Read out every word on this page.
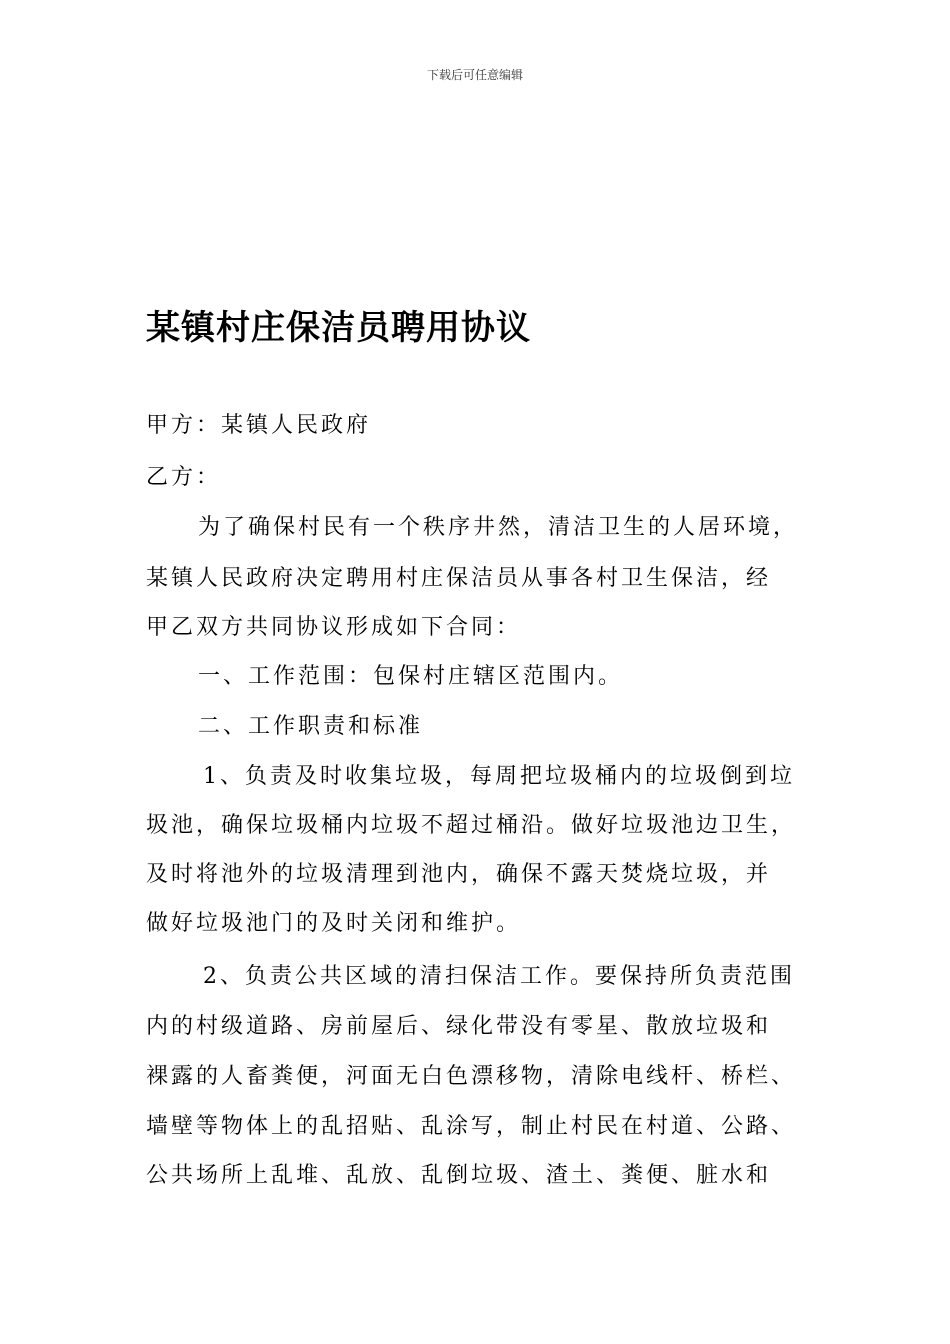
下载后可任意编辑
某镇村庄保洁员聘用协议
甲方：某镇人民政府
乙方：
为了确保村民有一个秩序井然，清洁卫生的人居环境，
某镇人民政府决定聘用村庄保洁员从事各村卫生保洁，经
甲乙双方共同协议形成如下合同：
一、工作范围：包保村庄辖区范围内。
二、工作职责和标准
1、负责及时收集垃圾，每周把垃圾桶内的垃圾倒到垃
圾池，确保垃圾桶内垃圾不超过桶沿。做好垃圾池边卫生，
及时将池外的垃圾清理到池内，确保不露天焚烧垃圾，并
做好垃圾池门的及时关闭和维护。
2、负责公共区域的清扫保洁工作。要保持所负责范围
内的村级道路、房前屋后、绿化带没有零星、散放垃圾和
裸露的人畜粪便，河面无白色漂移物，清除电线杆、桥栏、
墙壁等物体上的乱招贴、乱涂写，制止村民在村道、公路、
公共场所上乱堆、乱放、乱倒垃圾、渣土、粪便、脏水和
